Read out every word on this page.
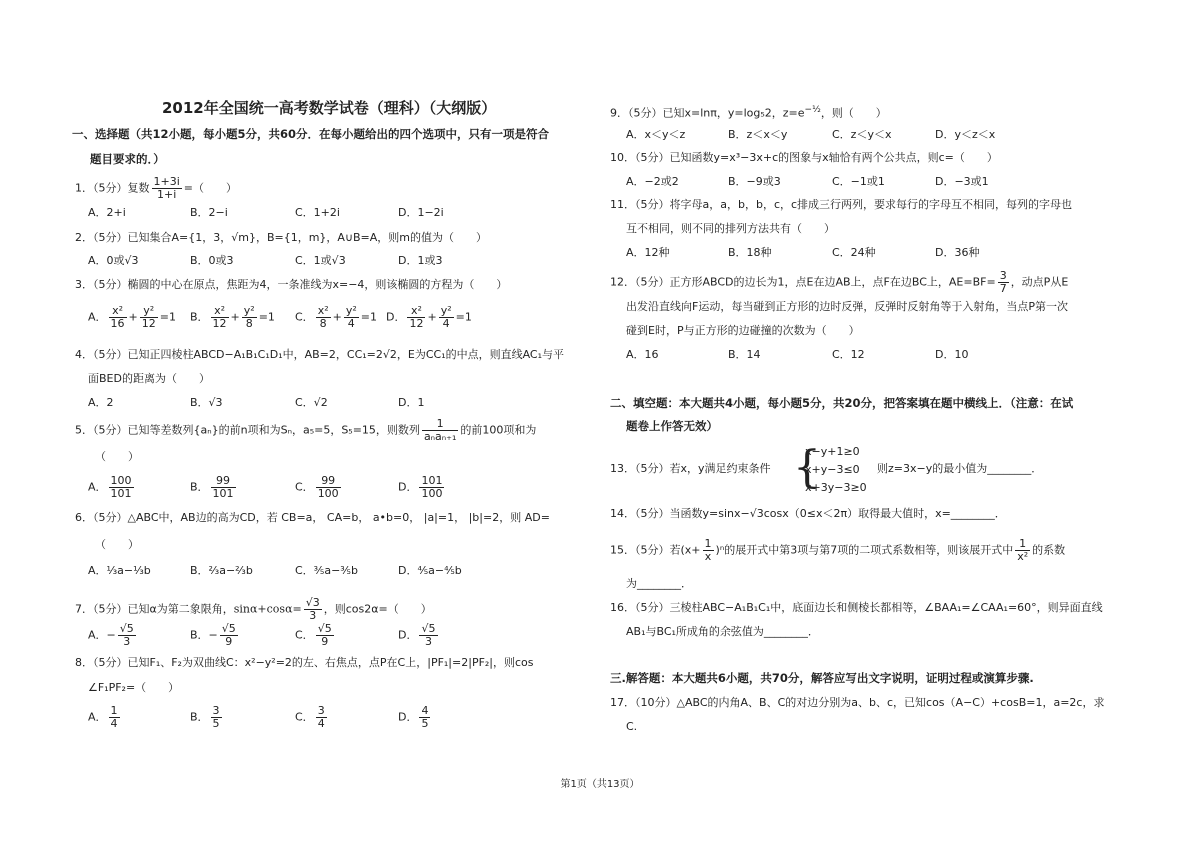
2012年全国统一高考数学试卷（理科）（大纲版）
一、选择题（共12小题，每小题5分，共60分．在每小题给出的四个选项中，只有一项是符合
题目要求的．）
1．（5分）复数 $\frac{1+3i}{1+i}$ =（　　）
A．2+i	B．2−i	C．1+2i	D．1−2i
2．（5分）已知集合A={1，3，√m}，B={1，m}，A∪B=A，则m的值为（　　）
A．0或√3	B．0或3	C．1或√3	D．1或3
3．（5分）椭圆的中心在原点，焦距为4，一条准线为x=−4，则该椭圆的方程为（　　）
A． $\frac{\text{x²}}{16} + \frac{\text{y²}}{12} =1$ B． $\frac{\text{x²}}{12} + \frac{\text{y²}}{8} =1$ C． $\frac{\text{x²}}{8} + \frac{\text{y²}}{4} =1$ D． $\frac{\text{x²}}{12} + \frac{\text{y²}}{4} =1$
4．（5分）已知正四棱柱ABCD−A₁B₁C₁D₁中，AB=2，CC₁=2√2，E为CC₁的中点，则直线AC₁与平
面BED的距离为（　　）
A．2	B．√3	C．√2	D．1
5．（5分）已知等差数列{aₙ}的前n项和为Sₙ，a₅=5，S₅=15，则数列 $\frac{1}{\text{aₙaₙ₊₁}}$ 的前100项和为
（　　）
A． $\frac{100}{101}$	B． $\frac{99}{101}$	C． $\frac{99}{100}$	D． $\frac{101}{100}$
6．（5分）△ABC中，AB边的高为CD，若 CB=a， CA=b， a•b=0， |a|=1， |b|=2，则 AD=
（　　）
A．⅓a−⅓b	B．⅔a−⅔b	C．⅗a−⅗b	D．⅘a−⅘b
7．（5分）已知α为第二象限角，$\sin\alpha+\cos\alpha= \frac{√3}{3}$ ，则cos2α=（　　）
A．− $\frac{√5}{3}$	B．− $\frac{√5}{9}$	C． $\frac{√5}{9}$	D． $\frac{√5}{3}$
8．（5分）已知F₁、F₂为双曲线C：x²−y²=2的左、右焦点，点P在C上，|PF₁|=2|PF₂|，则cos
∠F₁PF₂=（　　）
A． $\frac{1}{4}$	B． $\frac{3}{5}$	C． $\frac{3}{4}$	D． $\frac{4}{5}$
9．（5分）已知x=lnπ，y=log₅2，$z=e^{-\frac{1}{2}}$，则（　　）
A．x＜y＜z	B．z＜x＜y	C．z＜y＜x	D．y＜z＜x
10．（5分）已知函数y=x³−3x+c的图象与x轴恰有两个公共点，则c=（　　）
A．−2或2	B．−9或3	C．−1或1	D．−3或1
11．（5分）将字母a，a，b，b，c，c排成三行两列，要求每行的字母互不相同，每列的字母也
互不相同，则不同的排列方法共有（　　）
A．12种	B．18种	C．24种	D．36种
12．（5分）正方形ABCD的边长为1，点E在边AB上，点F在边BC上，$AE=BF= \frac{3}{7}$ ，动点P从E
出发沿直线向F运动，每当碰到正方形的边时反弹，反弹时反射角等于入射角，当点P第一次
碰到E时，P与正方形的边碰撞的次数为（　　）
A．16	B．14	C．12	D．10
二、填空题：本大题共4小题，每小题5分，共20分，把答案填在题中横线上．（注意：在试
题卷上作答无效）
13．（5分）若x，y满足约束条件 {
x−y+1≥0
x+y−3≤0
x+3y−3≥0
则z=3x−y的最小值为________．
14．（5分）当函数y=sinx−√3cosx（0≤x＜2π）取得最大值时，x=________．
15．（5分）若$(x+ \frac{1}{x} )^n$的展开式中第3项与第7项的二项式系数相等，则该展开式中 $\frac{1}{\text{x²}}$ 的系数
为________．
16．（5分）三棱柱ABC−A₁B₁C₁中，底面边长和侧棱长都相等，∠BAA₁=∠CAA₁=60°，则异面直线
AB₁与BC₁所成角的余弦值为________．
三.解答题：本大题共6小题，共70分，解答应写出文字说明，证明过程或演算步骤.
17．（10分）△ABC的内角A、B、C的对边分别为a、b、c，已知cos（A−C）+cosB=1，a=2c，求
C.
第1页（共13页）
